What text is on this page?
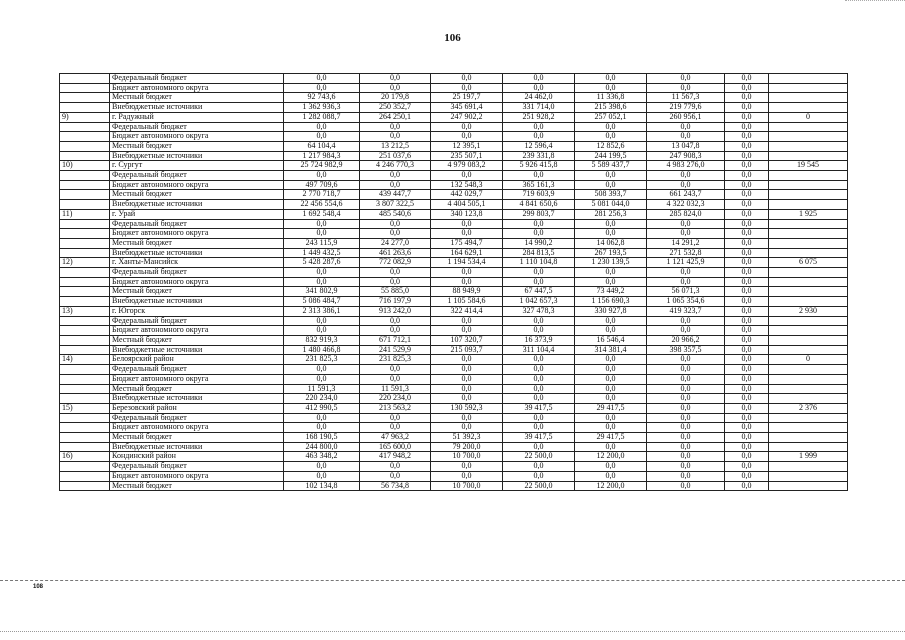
106
	Федеральный бюджет	0,0	0,0	0,0	0,0	0,0	0,0	0,0	
	Бюджет автономного округа	0,0	0,0	0,0	0,0	0,0	0,0	0,0	
	Местный бюджет	92 743,6	20 179,8	25 197,7	24 462,0	11 336,8	11 567,3	0,0	
	Внебюджетные источники	1 362 936,3	250 352,7	345 691,4	331 714,0	215 398,6	219 779,6	0,0	
9)	г. Радужный	1 282 088,7	264 250,1	247 902,2	251 928,2	257 052,1	260 956,1	0,0	0
	Федеральный бюджет	0,0	0,0	0,0	0,0	0,0	0,0	0,0	
	Бюджет автономного округа	0,0	0,0	0,0	0,0	0,0	0,0	0,0	
	Местный бюджет	64 104,4	13 212,5	12 395,1	12 596,4	12 852,6	13 047,8	0,0	
	Внебюджетные источники	1 217 984,3	251 037,6	235 507,1	239 331,8	244 199,5	247 908,3	0,0	
10)	г. Сургут	25 724 982,9	4 246 770,3	4 979 083,2	5 926 415,8	5 589 437,7	4 983 276,0	0,0	19 545
	Федеральный бюджет	0,0	0,0	0,0	0,0	0,0	0,0	0,0	
	Бюджет автономного округа	497 709,6	0,0	132 548,3	365 161,3	0,0	0,0	0,0	
	Местный бюджет	2 770 718,7	439 447,7	442 029,7	719 603,9	508 393,7	661 243,7	0,0	
	Внебюджетные источники	22 456 554,6	3 807 322,5	4 404 505,1	4 841 650,6	5 081 044,0	4 322 032,3	0,0	
11)	г. Урай	1 692 548,4	485 540,6	340 123,8	299 803,7	281 256,3	285 824,0	0,0	1 925
	Федеральный бюджет	0,0	0,0	0,0	0,0	0,0	0,0	0,0	
	Бюджет автономного округа	0,0	0,0	0,0	0,0	0,0	0,0	0,0	
	Местный бюджет	243 115,9	24 277,0	175 494,7	14 990,2	14 062,8	14 291,2	0,0	
	Внебюджетные источники	1 449 432,5	461 263,6	164 629,1	284 813,5	267 193,5	271 532,8	0,0	
12)	г. Ханты-Мансийск	5 428 287,6	772 082,9	1 194 534,4	1 110 104,8	1 230 139,5	1 121 425,9	0,0	6 075
	Федеральный бюджет	0,0	0,0	0,0	0,0	0,0	0,0	0,0	
	Бюджет автономного округа	0,0	0,0	0,0	0,0	0,0	0,0	0,0	
	Местный бюджет	341 802,9	55 885,0	88 949,9	67 447,5	73 449,2	56 071,3	0,0	
	Внебюджетные источники	5 086 484,7	716 197,9	1 105 584,6	1 042 657,3	1 156 690,3	1 065 354,6	0,0	
13)	г. Югорск	2 313 386,1	913 242,0	322 414,4	327 478,3	330 927,8	419 323,7	0,0	2 930
	Федеральный бюджет	0,0	0,0	0,0	0,0	0,0	0,0	0,0	
	Бюджет автономного округа	0,0	0,0	0,0	0,0	0,0	0,0	0,0	
	Местный бюджет	832 919,3	671 712,1	107 320,7	16 373,9	16 546,4	20 966,2	0,0	
	Внебюджетные источники	1 480 466,8	241 529,9	215 093,7	311 104,4	314 381,4	398 357,5	0,0	
14)	Белоярский район	231 825,3	231 825,3	0,0	0,0	0,0	0,0	0,0	0
	Федеральный бюджет	0,0	0,0	0,0	0,0	0,0	0,0	0,0	
	Бюджет автономного округа	0,0	0,0	0,0	0,0	0,0	0,0	0,0	
	Местный бюджет	11 591,3	11 591,3	0,0	0,0	0,0	0,0	0,0	
	Внебюджетные источники	220 234,0	220 234,0	0,0	0,0	0,0	0,0	0,0	
15)	Березовский район	412 990,5	213 563,2	130 592,3	39 417,5	29 417,5	0,0	0,0	2 376
	Федеральный бюджет	0,0	0,0	0,0	0,0	0,0	0,0	0,0	
	Бюджет автономного округа	0,0	0,0	0,0	0,0	0,0	0,0	0,0	
	Местный бюджет	168 190,5	47 963,2	51 392,3	39 417,5	29 417,5	0,0	0,0	
	Внебюджетные источники	244 800,0	165 600,0	79 200,0	0,0	0,0	0,0	0,0	
16)	Кондинский район	463 348,2	417 948,2	10 700,0	22 500,0	12 200,0	0,0	0,0	1 999
	Федеральный бюджет	0,0	0,0	0,0	0,0	0,0	0,0	0,0	
	Бюджет автономного округа	0,0	0,0	0,0	0,0	0,0	0,0	0,0	
	Местный бюджет	102 134,8	56 734,8	10 700,0	22 500,0	12 200,0	0,0	0,0	
108
